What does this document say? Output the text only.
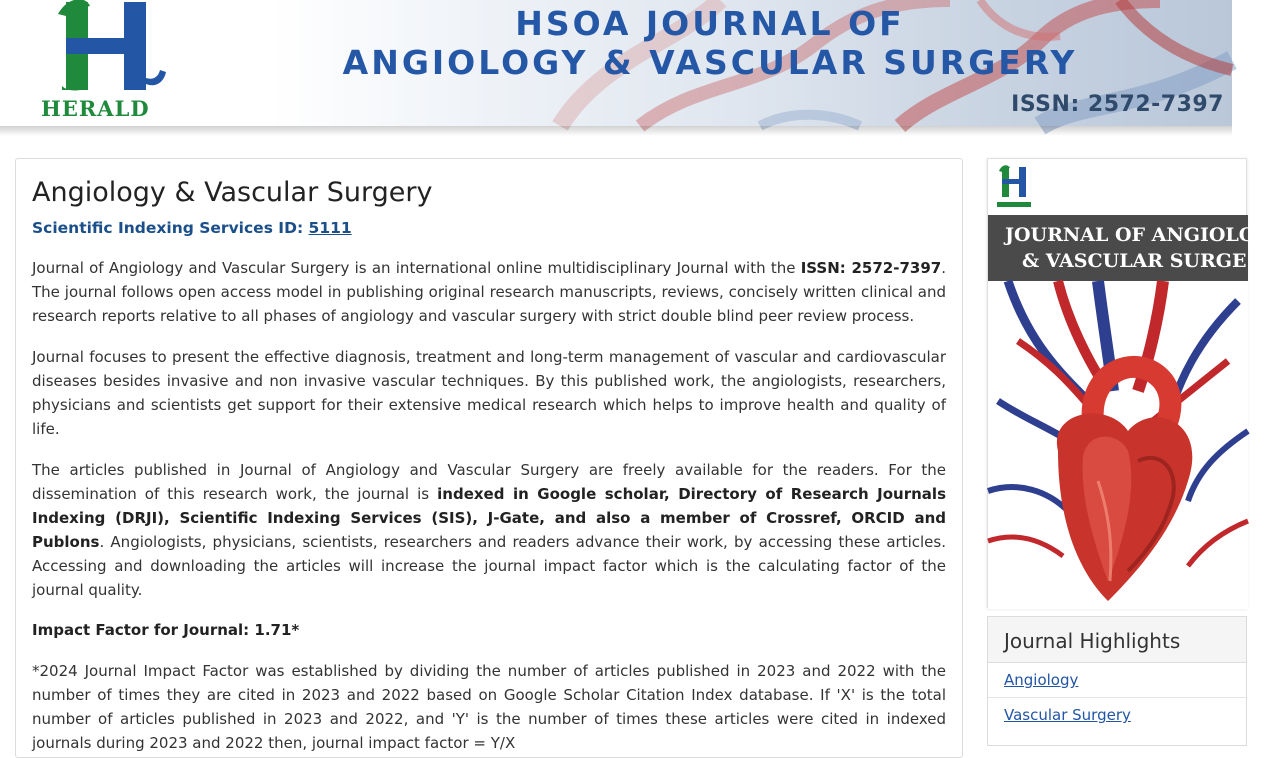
HERALD
HSOA JOURNAL OF
ANGIOLOGY & VASCULAR SURGERY
ISSN: 2572-7397
Angiology & Vascular Surgery
Scientific Indexing Services ID: 5111

Journal of Angiology and Vascular Surgery is an international online multidisciplinary Journal with the ISSN: 2572-7397. The journal follows open access model in publishing original research manuscripts, reviews, concisely written clinical and research reports relative to all phases of angiology and vascular surgery with strict double blind peer review process.

Journal focuses to present the effective diagnosis, treatment and long-term management of vascular and cardiovascular diseases besides invasive and non invasive vascular techniques. By this published work, the angiologists, researchers, physicians and scientists get support for their extensive medical research which helps to improve health and quality of life.

The articles published in Journal of Angiology and Vascular Surgery are freely available for the readers. For the dissemination of this research work, the journal is indexed in Google scholar, Directory of Research Journals Indexing (DRJI), Scientific Indexing Services (SIS), J-Gate, and also a member of Crossref, ORCID and Publons. Angiologists, physicians, scientists, researchers and readers advance their work, by accessing these articles. Accessing and downloading the articles will increase the journal impact factor which is the calculating factor of the journal quality.

Impact Factor for Journal: 1.71*

*2024 Journal Impact Factor was established by dividing the number of articles published in 2023 and 2022 with the number of times they are cited in 2023 and 2022 based on Google Scholar Citation Index database. If 'X' is the total number of articles published in 2023 and 2022, and 'Y' is the number of times these articles were cited in indexed journals during 2023 and 2022 then, journal impact factor = Y/X

JOURNAL OF ANGIOLO
& VASCULAR SURGE
Journal Highlights
Angiology
Vascular Surgery
